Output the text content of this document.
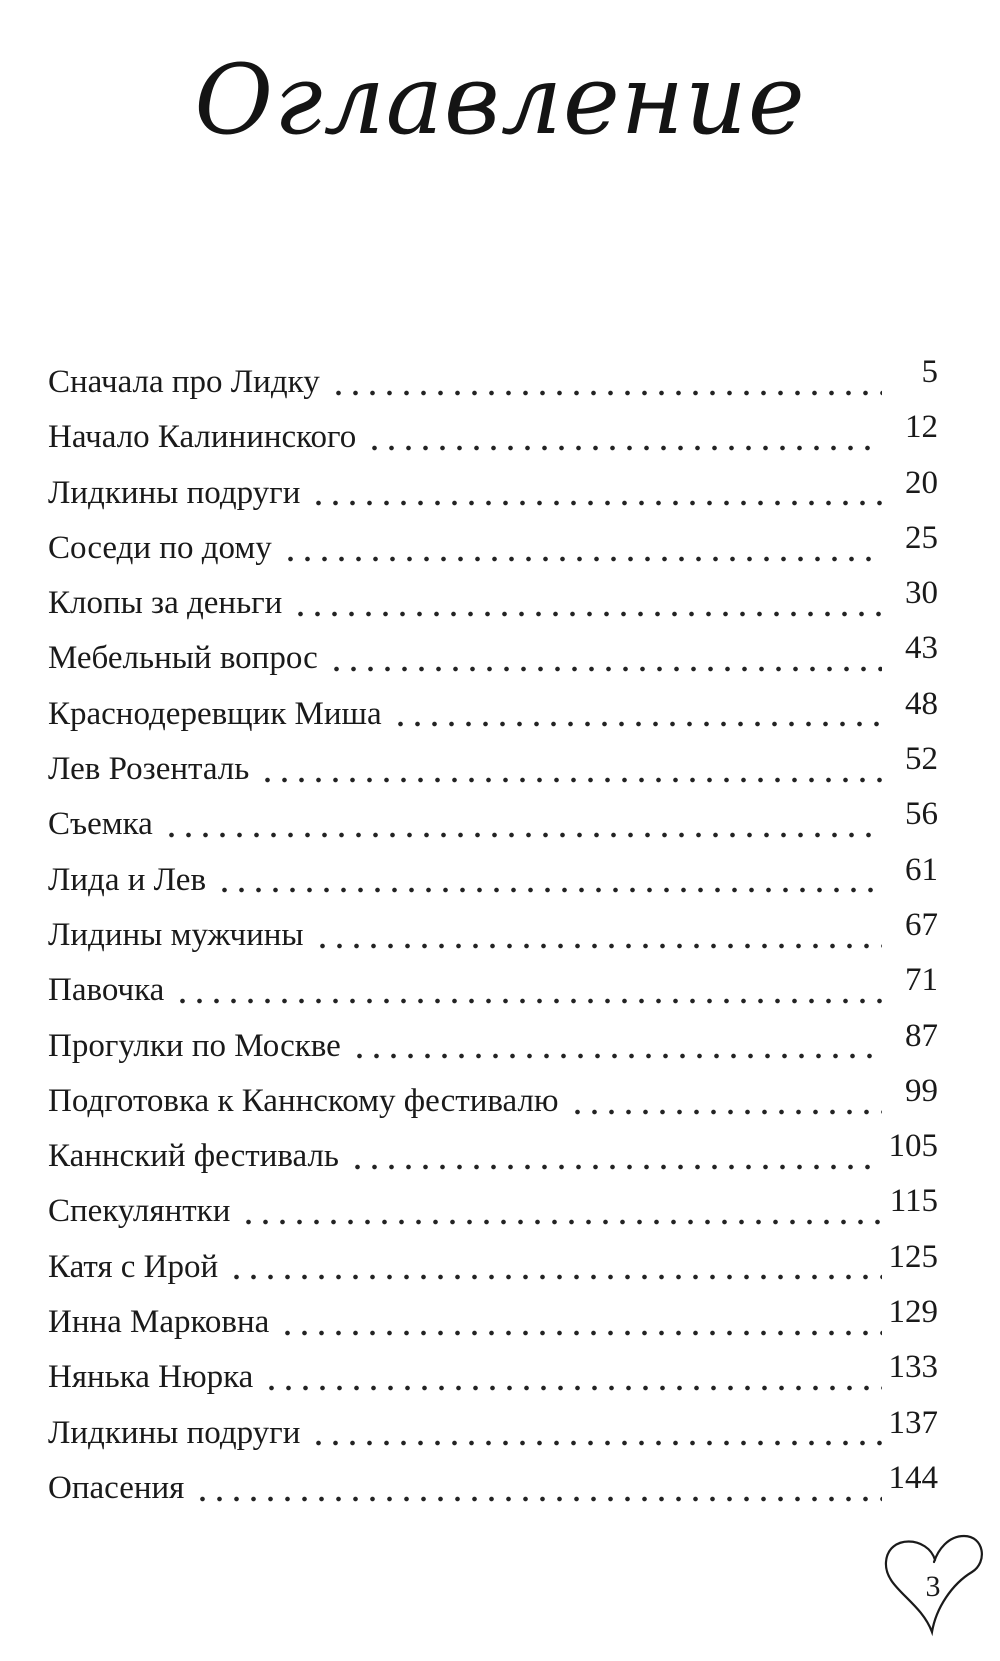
Оглавление
Сначала про Лидку	5
Начало Калининского	12
Лидкины подруги	20
Соседи по дому	25
Клопы за деньги	30
Мебельный вопрос	43
Краснодеревщик Миша	48
Лев Розенталь	52
Съемка	56
Лида и Лев	61
Лидины мужчины	67
Павочка	71
Прогулки по Москве	87
Подготовка к Каннскому фестивалю	99
Каннский фестиваль	105
Спекулянтки	115
Катя с Ирой	125
Инна Марковна	129
Нянька Нюрка	133
Лидкины подруги	137
Опасения	144
3
